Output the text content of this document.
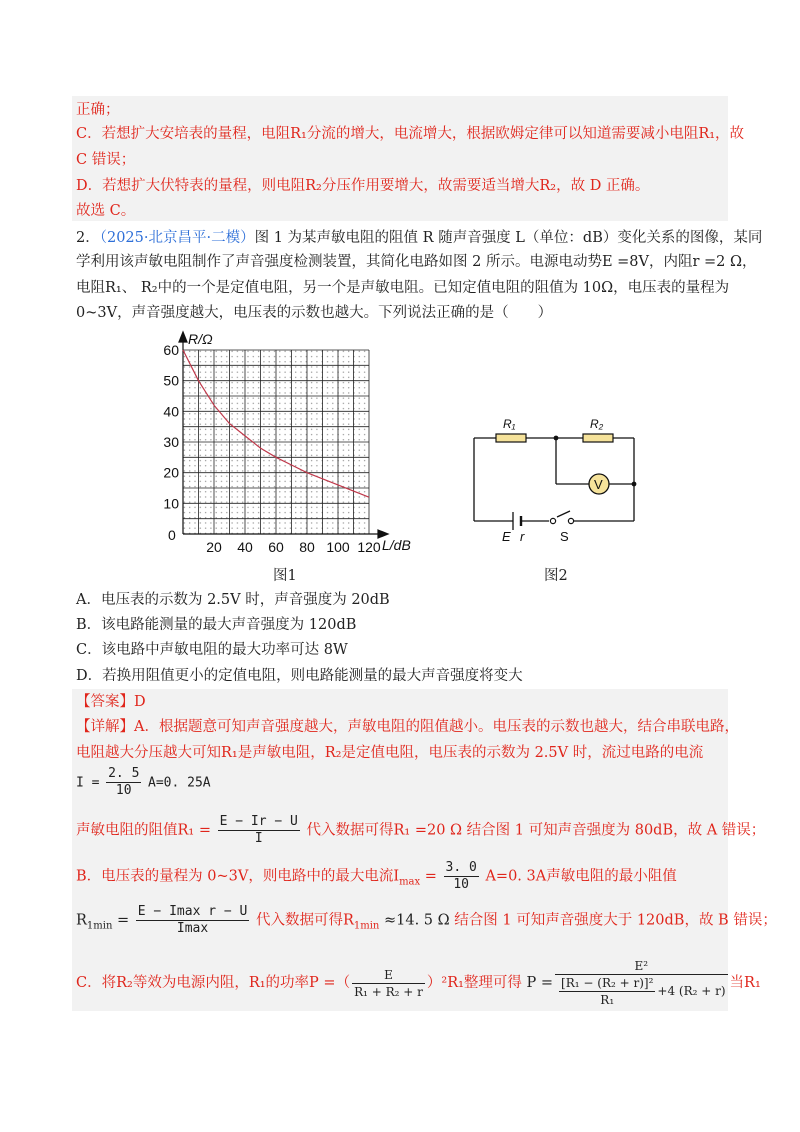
正确；
C．若想扩大安培表的量程，电阻R₁分流的增大，电流增大，根据欧姆定律可以知道需要减小电阻R₁，故
C 错误；
D．若想扩大伏特表的量程，则电阻R₂分压作用要增大，故需要适当增大R₂，故 D 正确。
故选 C。
2．（2025·北京昌平·二模）图 1 为某声敏电阻的阻值 R 随声音强度 L（单位：dB）变化关系的图像，某同
学利用该声敏电阻制作了声音强度检测装置，其简化电路如图 2 所示。电源电动势E =8V，内阻r =2 Ω，
电阻R₁、 R₂中的一个是定值电阻，另一个是声敏电阻。已知定值电阻的阻值为 10Ω，电压表的量程为
0~3V，声音强度越大，电压表的示数也越大。下列说法正确的是（　　）
R/Ω
L/dB
0
10
20
30
40
50
60
20 40 60 80 100 120
图1
V
R₁	R₂
E r	S
图2
A．电压表的示数为 2.5V 时，声音强度为 20dB
B．该电路能测量的最大声音强度为 120dB
C．该电路中声敏电阻的最大功率可达 8W
D．若换用阻值更小的定值电阻，则电路能测量的最大声音强度将变大
【答案】D
【详解】A．根据题意可知声音强度越大，声敏电阻的阻值越小。电压表的示数也越大，结合串联电路，
电阻越大分压越大可知R₁是声敏电阻，R₂是定值电阻，电压表的示数为 2.5V 时，流过电路的电流
$I = \frac{2. 5}{10} A=0$. 25A
声敏电阻的阻值$R_1 = \frac{E - Ir - U}{I}$ 代入数据可得R₁ =20 Ω 结合图 1 可知声音强度为 80dB，故 A 错误；
B．电压表的量程为 0~3V，则电路中的最大电流$I_{max} = \frac{3. 0}{10} A=0$. 3A声敏电阻的最小阻值
$R_{1min} = \frac{\text{E − Imax r − U}}{Imax}$ 代入数据可得$R_{1min} \approx 14$. 5 Ω 结合图 1 可知声音强度大于 120dB，故 B 错误；
C．将R₂等效为电源内阻，R₁的功率P =（ $\frac{E}{\text{R₁ + R₂ + r}} )^2R_1$整理可得 $P = \frac{\text{E²}}{\frac{\text{[R₁ − (R₂ + r)]²}}{\text{R₁}} +4 (R_2 + r)}$ 当R₁
